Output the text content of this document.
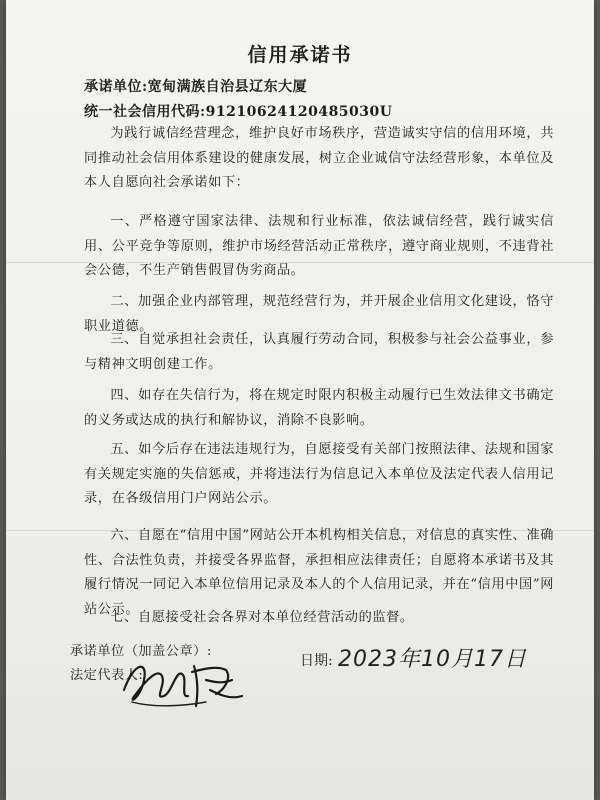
信用承诺书
承诺单位:宽甸满族自治县辽东大厦
统一社会信用代码:91210624120485030U
为践行诚信经营理念，维护良好市场秩序，营造诚实守信的信用环境，共同推动社会信用体系建设的健康发展，树立企业诚信守法经营形象，本单位及本人自愿向社会承诺如下：
一、严格遵守国家法律、法规和行业标准，依法诚信经营，践行诚实信用、公平竞争等原则，维护市场经营活动正常秩序，遵守商业规则，不违背社会公德，不生产销售假冒伪劣商品。
二、加强企业内部管理，规范经营行为，并开展企业信用文化建设，恪守职业道德。
三、自觉承担社会责任，认真履行劳动合同，积极参与社会公益事业，参与精神文明创建工作。
四、如存在失信行为，将在规定时限内积极主动履行已生效法律文书确定的义务或达成的执行和解协议，消除不良影响。
五、如今后存在违法违规行为，自愿接受有关部门按照法律、法规和国家有关规定实施的失信惩戒，并将违法行为信息记入本单位及法定代表人信用记录，在各级信用门户网站公示。
六、自愿在“信用中国”网站公开本机构相关信息，对信息的真实性、准确性、合法性负责，并接受各界监督，承担相应法律责任；自愿将本承诺书及其履行情况一同记入本单位信用记录及本人的个人信用记录，并在“信用中国”网站公示。
七、自愿接受社会各界对本单位经营活动的监督。
承诺单位（加盖公章）:
法定代表人:
日期: 2023年10月17日
